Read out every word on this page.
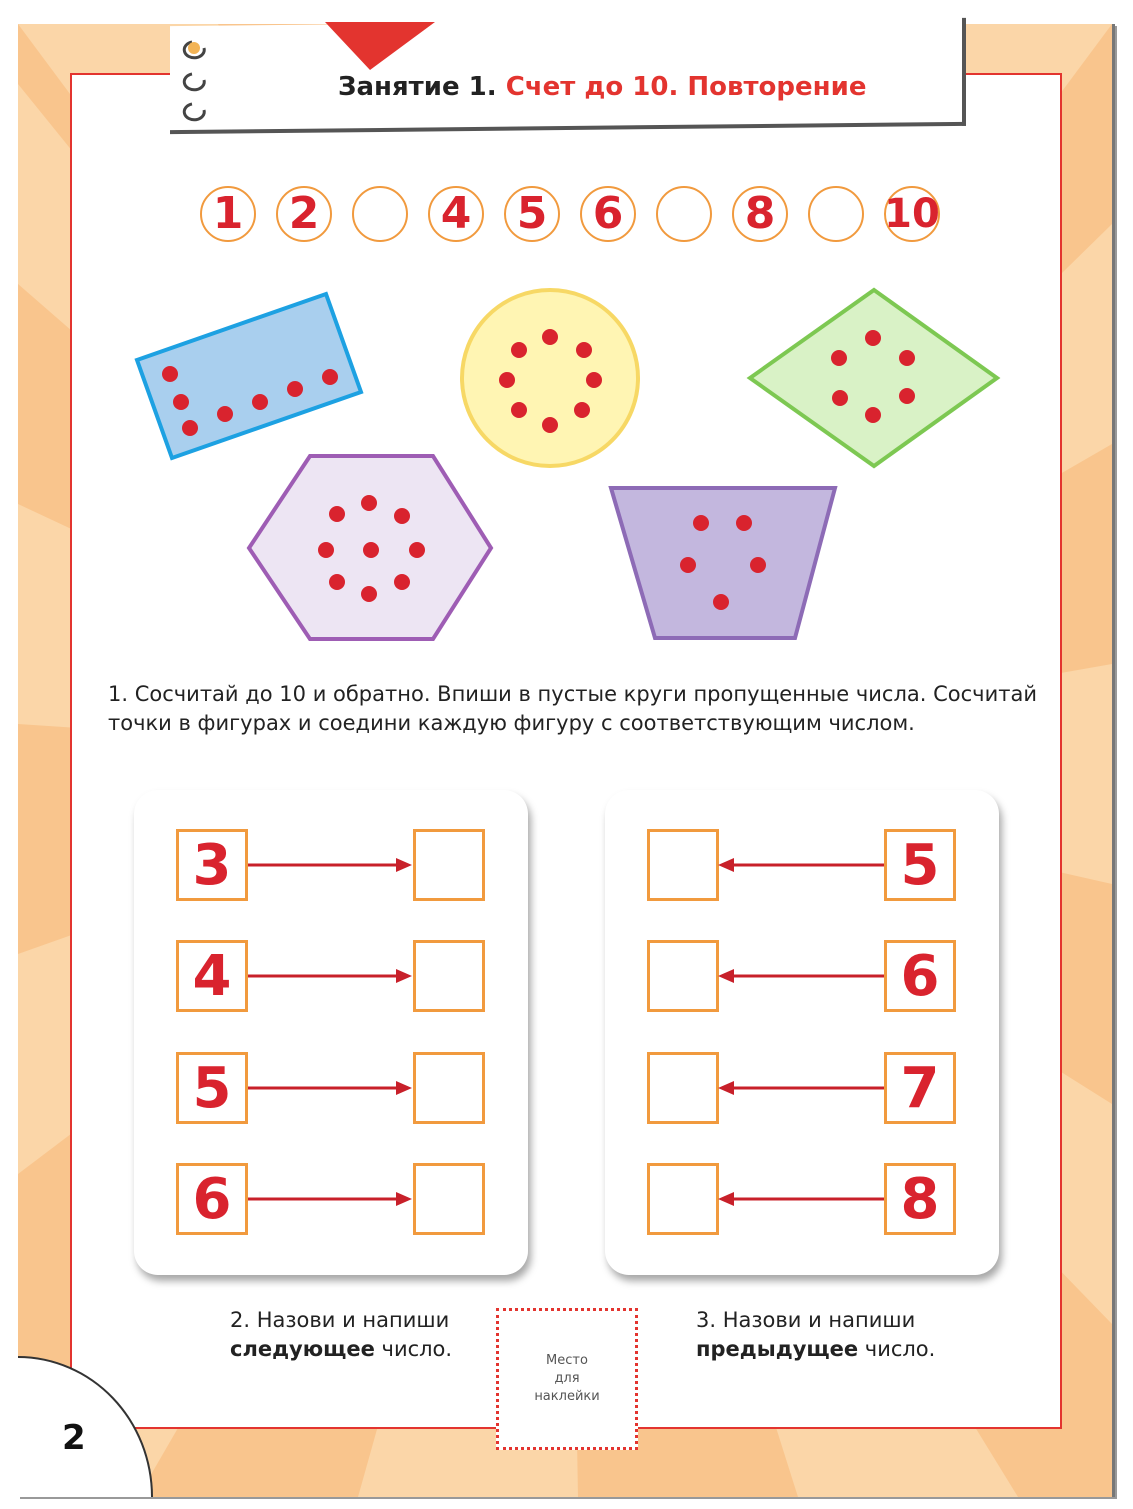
Занятие 1. Счет до 10. Повторение
1 2	4 5 6	8	10
1. Сосчитай до 10 и обратно. Впиши в пустые круги пропущенные числа. Сосчитай
точки в фигурах и соедини каждую фигуру с соответствующим числом.
3
4
5
6
5
6
7
8
2. Назови и напиши
следующее число.	Место
для
наклейки
3. Назови и напиши
предыдущее число.
2
